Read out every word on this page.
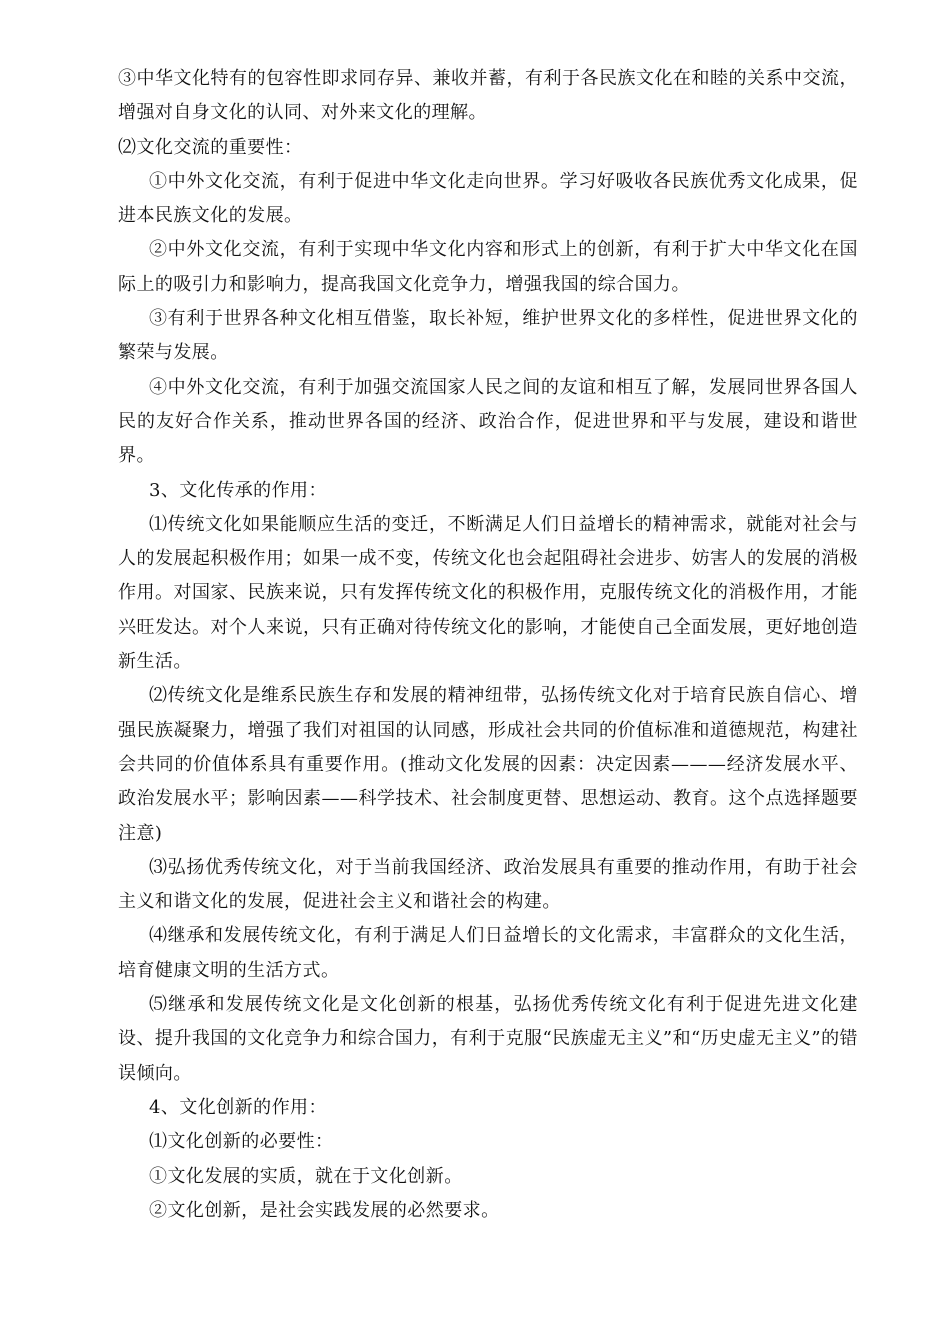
③中华文化特有的包容性即求同存异、兼收并蓄，有利于各民族文化在和睦的关系中交流，增强对自身文化的认同、对外来文化的理解。

⑵文化交流的重要性：

①中外文化交流，有利于促进中华文化走向世界。学习好吸收各民族优秀文化成果，促进本民族文化的发展。

②中外文化交流，有利于实现中华文化内容和形式上的创新，有利于扩大中华文化在国际上的吸引力和影响力，提高我国文化竞争力，增强我国的综合国力。

③有利于世界各种文化相互借鉴，取长补短，维护世界文化的多样性，促进世界文化的繁荣与发展。

④中外文化交流，有利于加强交流国家人民之间的友谊和相互了解，发展同世界各国人民的友好合作关系，推动世界各国的经济、政治合作，促进世界和平与发展，建设和谐世界。

3、文化传承的作用：

⑴传统文化如果能顺应生活的变迁，不断满足人们日益增长的精神需求，就能对社会与人的发展起积极作用；如果一成不变，传统文化也会起阻碍社会进步、妨害人的发展的消极作用。对国家、民族来说，只有发挥传统文化的积极作用，克服传统文化的消极作用，才能兴旺发达。对个人来说，只有正确对待传统文化的影响，才能使自己全面发展，更好地创造新生活。

⑵传统文化是维系民族生存和发展的精神纽带，弘扬传统文化对于培育民族自信心、增强民族凝聚力，增强了我们对祖国的认同感，形成社会共同的价值标准和道德规范，构建社会共同的价值体系具有重要作用。(推动文化发展的因素：决定因素———经济发展水平、政治发展水平；影响因素——科学技术、社会制度更替、思想运动、教育。这个点选择题要注意)

⑶弘扬优秀传统文化，对于当前我国经济、政治发展具有重要的推动作用，有助于社会主义和谐文化的发展，促进社会主义和谐社会的构建。

⑷继承和发展传统文化，有利于满足人们日益增长的文化需求，丰富群众的文化生活，培育健康文明的生活方式。

⑸继承和发展传统文化是文化创新的根基，弘扬优秀传统文化有利于促进先进文化建设、提升我国的文化竞争力和综合国力，有利于克服“民族虚无主义”和“历史虚无主义”的错误倾向。

4、文化创新的作用：

⑴文化创新的必要性：

①文化发展的实质，就在于文化创新。

②文化创新，是社会实践发展的必然要求。
